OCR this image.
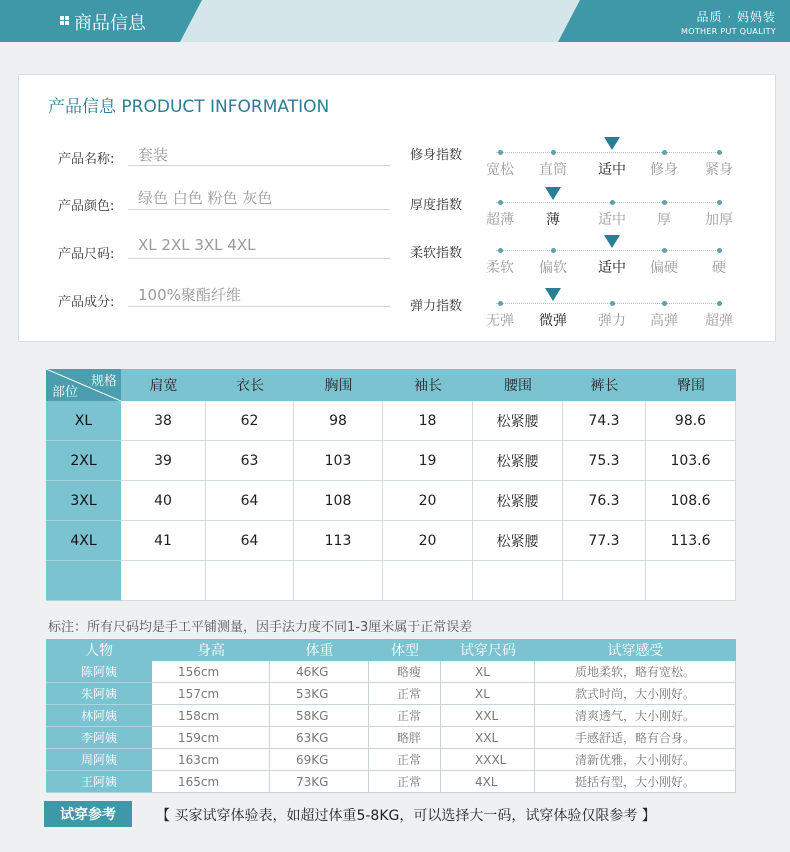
商品信息	品质 · 妈妈装
MOTHER PUT QUALITY
产品信息 PRODUCT INFORMATION
产品名称: 套装
产品颜色: 绿色 白色 粉色 灰色
产品尺码:
XL 2XL 3XL 4XL
产品成分: 100%聚酯纤维
修身指数
宽松	直筒	适中	修身	紧身
厚度指数
超薄	薄	适中	厚	加厚
柔软指数
柔软	偏软	适中	偏硬	硬
弹力指数
无弹	微弹	弹力	高弹	超弹
规格
部位	肩宽	衣长	胸围	袖长	腰围	裤长	臀围
XL	38	62	98	18	松紧腰	74.3	98.6
2XL	39	63	103	19	松紧腰	75.3	103.6
3XL	40	64	108	20	松紧腰	76.3	108.6
4XL	41	64	113	20	松紧腰	77.3	113.6
标注：所有尺码均是手工平铺测量，因手法力度不同1-3厘米属于正常误差
人物	身高	体重	体型	试穿尺码	试穿感受
陈阿姨	156cm	46KG	略瘦	XL	质地柔软，略有宽松。
朱阿姨	157cm	53KG	正常	XL	款式时尚，大小刚好。
林阿姨	158cm	58KG	正常	XXL	清爽透气，大小刚好。
李阿姨	159cm	63KG	略胖	XXL	手感舒适，略有合身。
周阿姨	163cm	69KG	正常	XXXL	清新优雅，大小刚好。
王阿姨	165cm	73KG	正常	4XL	挺括有型，大小刚好。
试穿参考	【 买家试穿体验表，如超过体重5-8KG，可以选择大一码，试穿体验仅限参考 】
